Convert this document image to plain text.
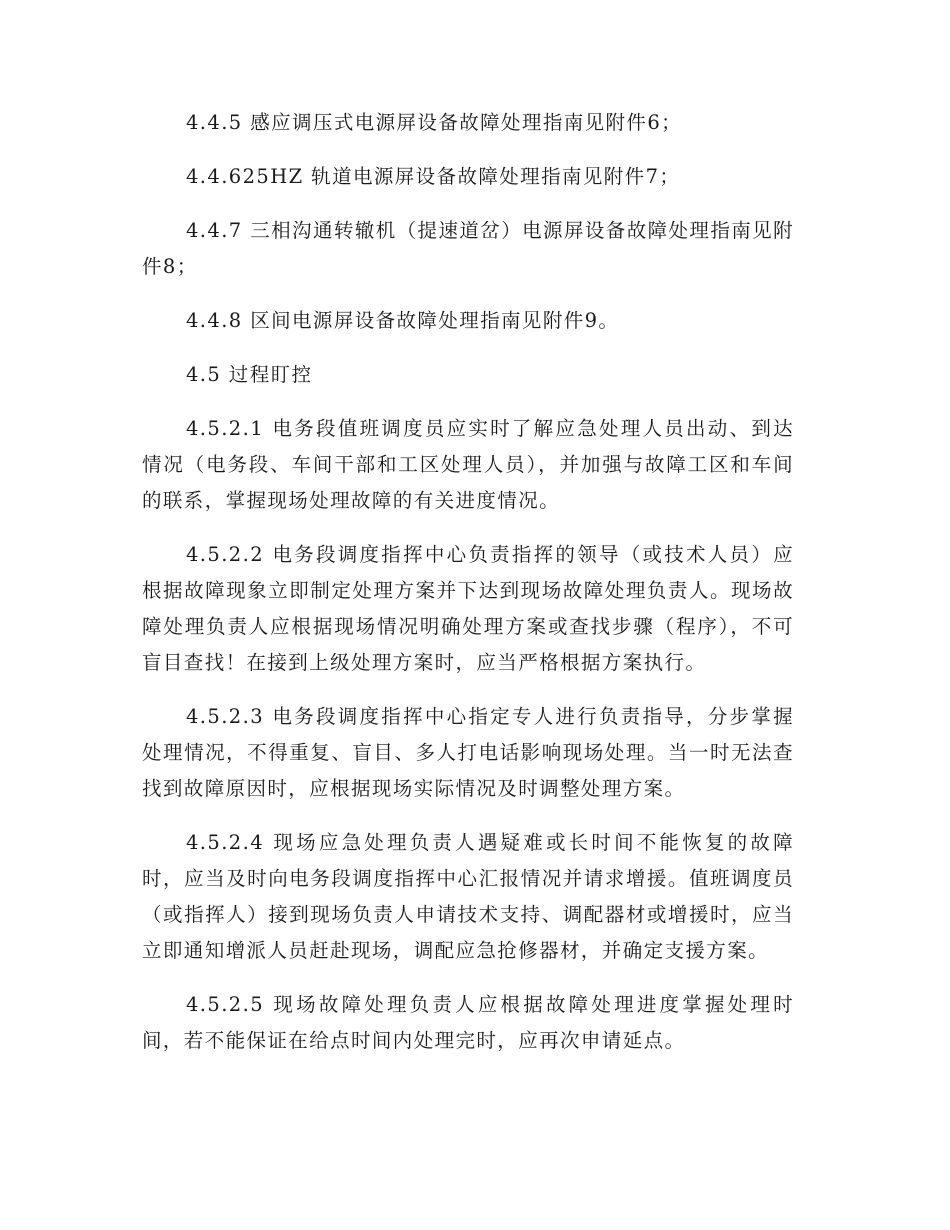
4.4.5 感应调压式电源屏设备故障处理指南见附件6；

4.4.625HZ 轨道电源屏设备故障处理指南见附件7；

4.4.7 三相沟通转辙机（提速道岔）电源屏设备故障处理指南见附件8；

4.4.8 区间电源屏设备故障处理指南见附件9。

4.5 过程盯控

4.5.2.1 电务段值班调度员应实时了解应急处理人员出动、到达情况（电务段、车间干部和工区处理人员），并加强与故障工区和车间的联系，掌握现场处理故障的有关进度情况。

4.5.2.2 电务段调度指挥中心负责指挥的领导（或技术人员）应根据故障现象立即制定处理方案并下达到现场故障处理负责人。现场故障处理负责人应根据现场情况明确处理方案或查找步骤（程序），不可盲目查找！在接到上级处理方案时，应当严格根据方案执行。

4.5.2.3 电务段调度指挥中心指定专人进行负责指导，分步掌握处理情况，不得重复、盲目、多人打电话影响现场处理。当一时无法查找到故障原因时，应根据现场实际情况及时调整处理方案。

4.5.2.4 现场应急处理负责人遇疑难或长时间不能恢复的故障时，应当及时向电务段调度指挥中心汇报情况并请求增援。值班调度员（或指挥人）接到现场负责人申请技术支持、调配器材或增援时，应当立即通知增派人员赶赴现场，调配应急抢修器材，并确定支援方案。

4.5.2.5 现场故障处理负责人应根据故障处理进度掌握处理时间，若不能保证在给点时间内处理完时，应再次申请延点。
